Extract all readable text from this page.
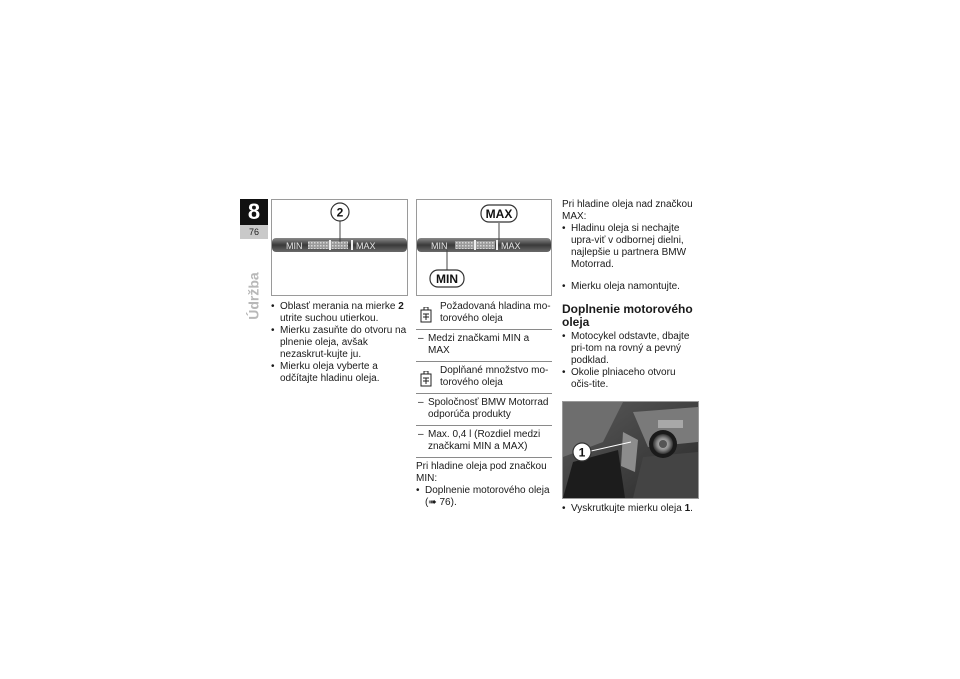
8
76
Údržba
2
MIN	MAX
• Oblasť merania na mierke 2
utrite suchou utierkou.
• Mierku zasuňte do otvoru na plnenie oleja, avšak nezaskrut-kujte ju.
• Mierku oleja vyberte a odčítajte hladinu oleja.
MAX
MIN
MIN	MAX
Požadovaná hladina mo-torového oleja
– Medzi značkami MIN a MAX
Doplňané množstvo mo-torového oleja
– Spoločnosť BMW Motorrad odporúča produkty
– Max. 0,4 l (Rozdiel medzi značkami MIN a MAX)
Pri hladine oleja pod značkou MIN:
• Doplnenie motorového oleja (➠ 76).
Pri hladine oleja nad značkou MAX:
• Hladinu oleja si nechajte upra-viť v odbornej dielni, najlepšie u partnera BMW Motorrad.
• Mierku oleja namontujte.
Doplnenie motorového oleja
• Motocykel odstavte, dbajte pri-tom na rovný a pevný podklad.
• Okolie plniaceho otvoru očis-tite.
1
• Vyskrutkujte mierku oleja 1.
